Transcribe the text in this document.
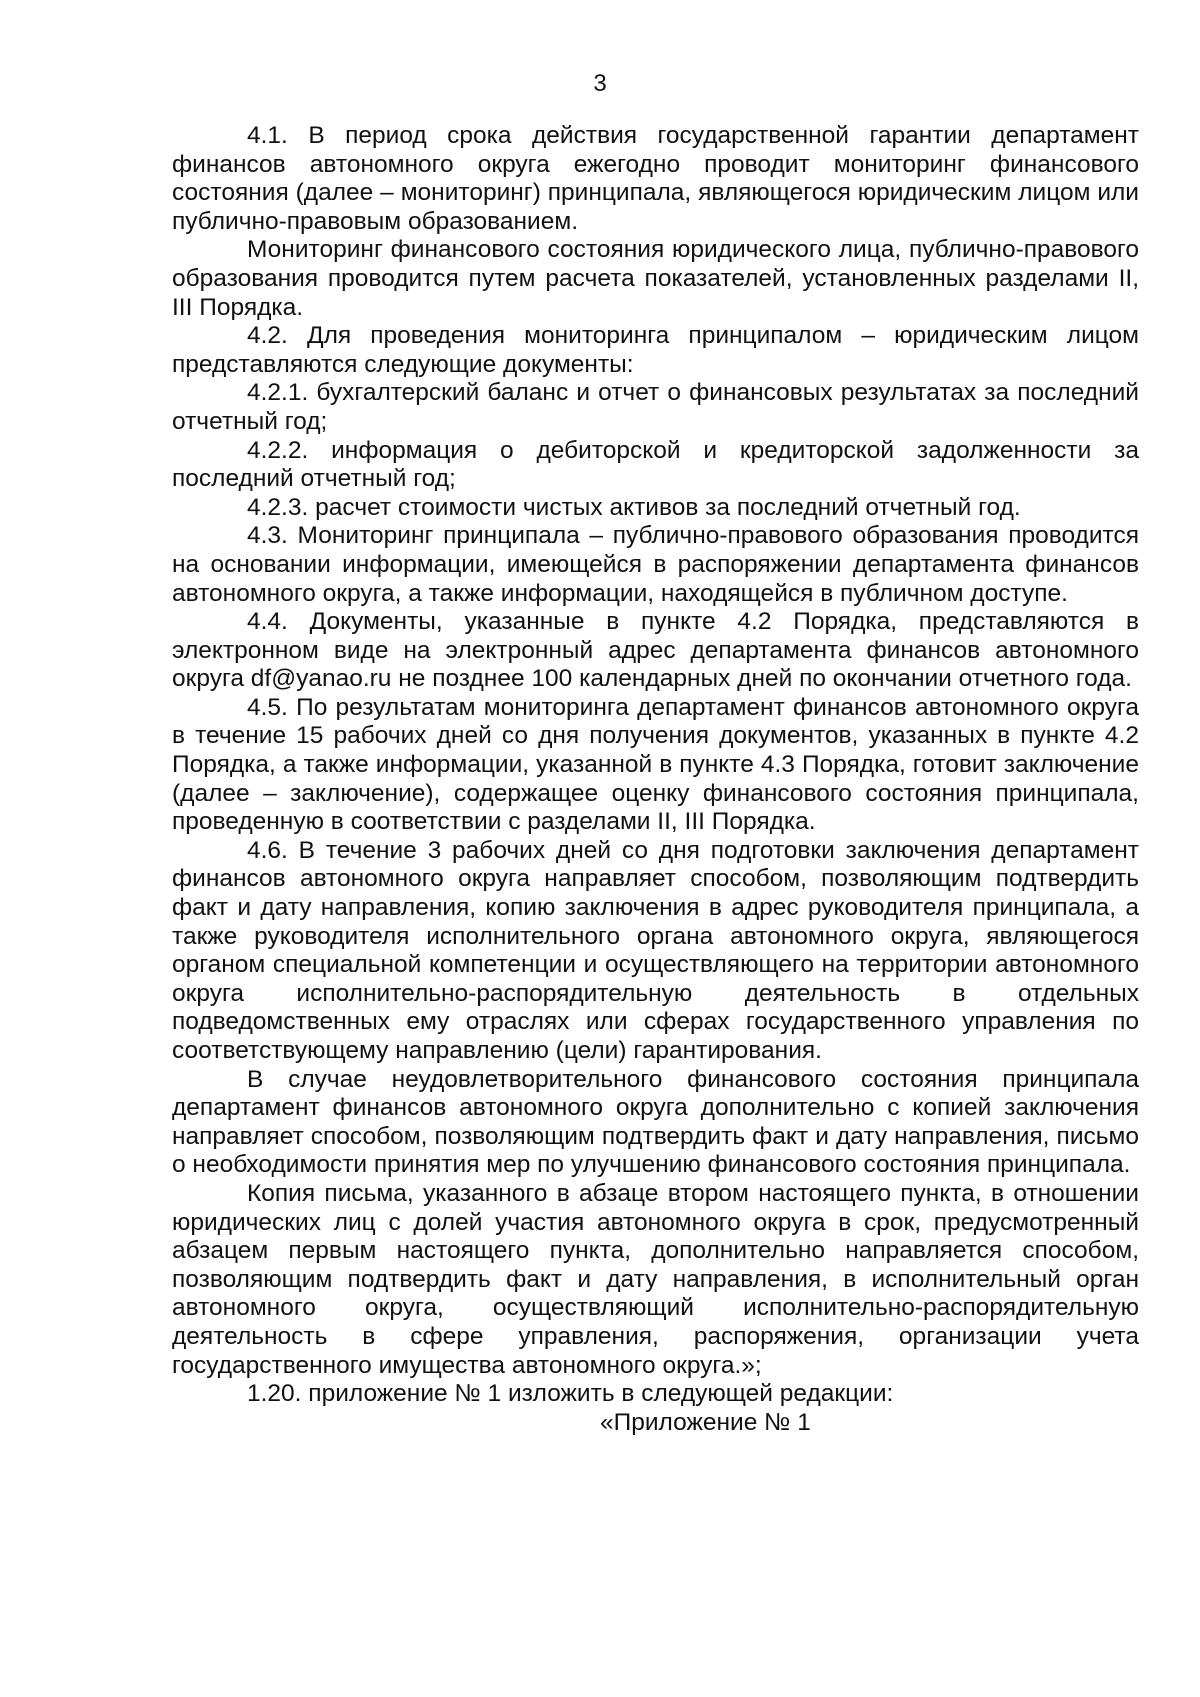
3

4.1. В период срока действия государственной гарантии департамент финансов автономного округа ежегодно проводит мониторинг финансового состояния (далее – мониторинг) принципала, являющегося юридическим лицом или публично-правовым образованием.

Мониторинг финансового состояния юридического лица, публично-правового образования проводится путем расчета показателей, установленных разделами II, III Порядка.

4.2. Для проведения мониторинга принципалом – юридическим лицом представляются следующие документы:

4.2.1. бухгалтерский баланс и отчет о финансовых результатах за последний отчетный год;

4.2.2. информация о дебиторской и кредиторской задолженности за последний отчетный год;

4.2.3. расчет стоимости чистых активов за последний отчетный год.

4.3. Мониторинг принципала – публично-правового образования проводится на основании информации, имеющейся в распоряжении департамента финансов автономного округа, а также информации, находящейся в публичном доступе.

4.4. Документы, указанные в пункте 4.2 Порядка, представляются в электронном виде на электронный адрес департамента финансов автономного округа df@yanao.ru не позднее 100 календарных дней по окончании отчетного года.

4.5. По результатам мониторинга департамент финансов автономного округа в течение 15 рабочих дней со дня получения документов, указанных в пункте 4.2 Порядка, а также информации, указанной в пункте 4.3 Порядка, готовит заключение (далее – заключение), содержащее оценку финансового состояния принципала, проведенную в соответствии с разделами II, III Порядка.

4.6. В течение 3 рабочих дней со дня подготовки заключения департамент финансов автономного округа направляет способом, позволяющим подтвердить факт и дату направления, копию заключения в адрес руководителя принципала, а также руководителя исполнительного органа автономного округа, являющегося органом специальной компетенции и осуществляющего на территории автономного округа исполнительно-распорядительную деятельность в отдельных подведомственных ему отраслях или сферах государственного управления по соответствующему направлению (цели) гарантирования.

В случае неудовлетворительного финансового состояния принципала департамент финансов автономного округа дополнительно с копией заключения направляет способом, позволяющим подтвердить факт и дату направления, письмо о необходимости принятия мер по улучшению финансового состояния принципала.

Копия письма, указанного в абзаце втором настоящего пункта, в отношении юридических лиц с долей участия автономного округа в срок, предусмотренный абзацем первым настоящего пункта, дополнительно направляется способом, позволяющим подтвердить факт и дату направления, в исполнительный орган автономного округа, осуществляющий исполнительно-распорядительную деятельность в сфере управления, распоряжения, организации учета государственного имущества автономного округа.»;

1.20. приложение № 1 изложить в следующей редакции:

«Приложение № 1
